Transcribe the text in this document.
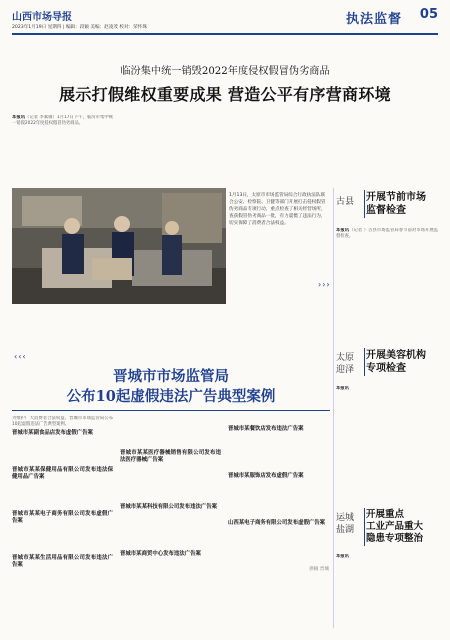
山西市场导报
2023年1月19日 星期四 | 编辑：段颖 美编：赵凌茂 校对：荣怀珠
执法监督 05
临汾集中统一销毁2022年度侵权假冒伪劣商品
展示打假维权重要成果 营造公平有序营商环境
本报讯（记者 李素敏）1月17日下午，临汾市集中统一销毁2022年度侵权假冒伪劣商品。
1月13日，太原市市场监管局综合行政执法队联合公安、检察院、卫健等部门开展打击侵权假冒伪劣商品专项行动，重点检查了相关经营场所，查获假冒伪劣商品一批，有力震慑了违法行为，切实保障了消费者合法权益。
›››
古县 开展节前市场
监督检查
本报讯（记者 ）古县市场监管局春节前对市场开展监督检查。
太原
迎泽
开展美容机构
专项检查
本报讯
运城
盐湖
开展重点
工业产品重大
隐患专项整治
本报讯
‹‹‹
晋城市市场监管局
公布10起虚假违法广告典型案例
为维护广大消费者合法权益，晋城市市场监管局公布10起虚假违法广告典型案例。
晋城市某副食品店发布虚假广告案
晋城市某某保健用品有限公司发布违法保健用品广告案
晋城市某某电子商务有限公司发布虚假广告案
晋城市某某生活用品有限公司发布违法广告案
晋城市某某医疗器械销售有限公司发布违法医疗器械广告案
晋城市某某科技有限公司发布违法广告案
晋城市某商贸中心发布违法广告案
晋城市某餐饮店发布违法广告案
晋城市某服饰店发布虚假广告案
山西某电子商务有限公司发布虚假广告案
供稿 晋城
